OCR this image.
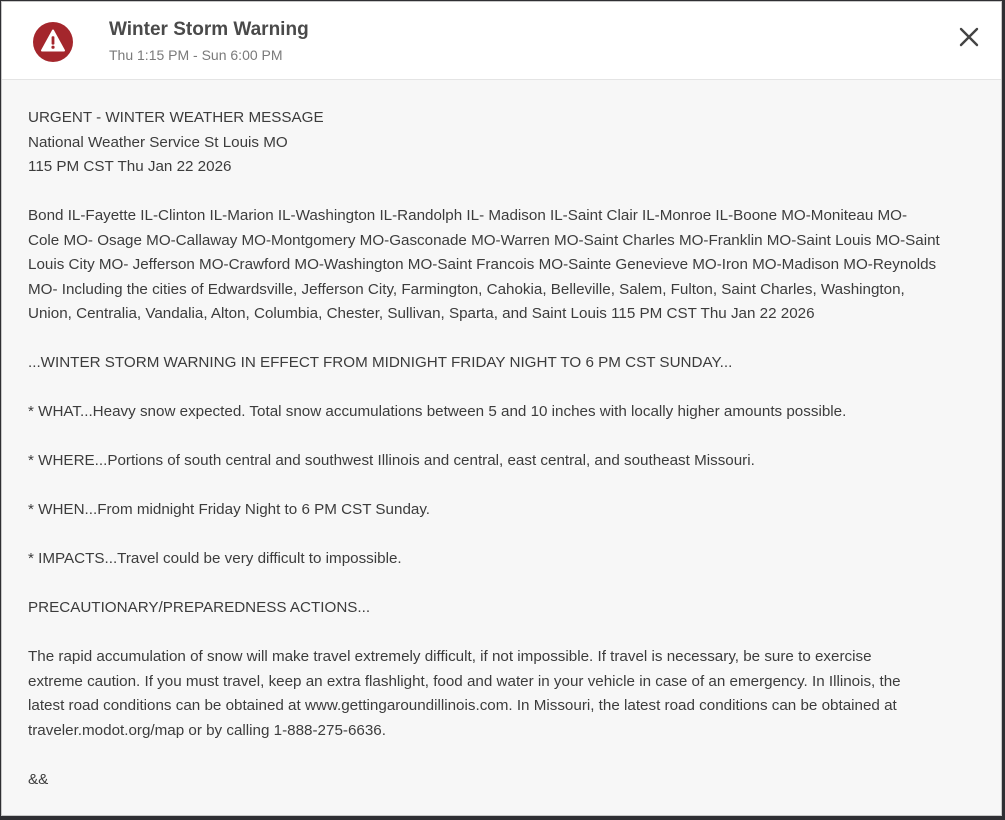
Winter Storm Warning
Thu 1:15 PM - Sun 6:00 PM

URGENT - WINTER WEATHER MESSAGE
National Weather Service St Louis MO
115 PM CST Thu Jan 22 2026

Bond IL-Fayette IL-Clinton IL-Marion IL-Washington IL-Randolph IL- Madison IL-Saint Clair IL-Monroe IL-Boone MO-Moniteau MO-
Cole MO- Osage MO-Callaway MO-Montgomery MO-Gasconade MO-Warren MO-Saint Charles MO-Franklin MO-Saint Louis MO-Saint
Louis City MO- Jefferson MO-Crawford MO-Washington MO-Saint Francois MO-Sainte Genevieve MO-Iron MO-Madison MO-Reynolds
MO- Including the cities of Edwardsville, Jefferson City, Farmington, Cahokia, Belleville, Salem, Fulton, Saint Charles, Washington,
Union, Centralia, Vandalia, Alton, Columbia, Chester, Sullivan, Sparta, and Saint Louis 115 PM CST Thu Jan 22 2026

...WINTER STORM WARNING IN EFFECT FROM MIDNIGHT FRIDAY NIGHT TO 6 PM CST SUNDAY...

* WHAT...Heavy snow expected. Total snow accumulations between 5 and 10 inches with locally higher amounts possible.

* WHERE...Portions of south central and southwest Illinois and central, east central, and southeast Missouri.

* WHEN...From midnight Friday Night to 6 PM CST Sunday.

* IMPACTS...Travel could be very difficult to impossible.

PRECAUTIONARY/PREPAREDNESS ACTIONS...

The rapid accumulation of snow will make travel extremely difficult, if not impossible. If travel is necessary, be sure to exercise
extreme caution. If you must travel, keep an extra flashlight, food and water in your vehicle in case of an emergency. In Illinois, the
latest road conditions can be obtained at www.gettingaroundillinois.com. In Missouri, the latest road conditions can be obtained at
traveler.modot.org/map or by calling 1-888-275-6636.

&&
